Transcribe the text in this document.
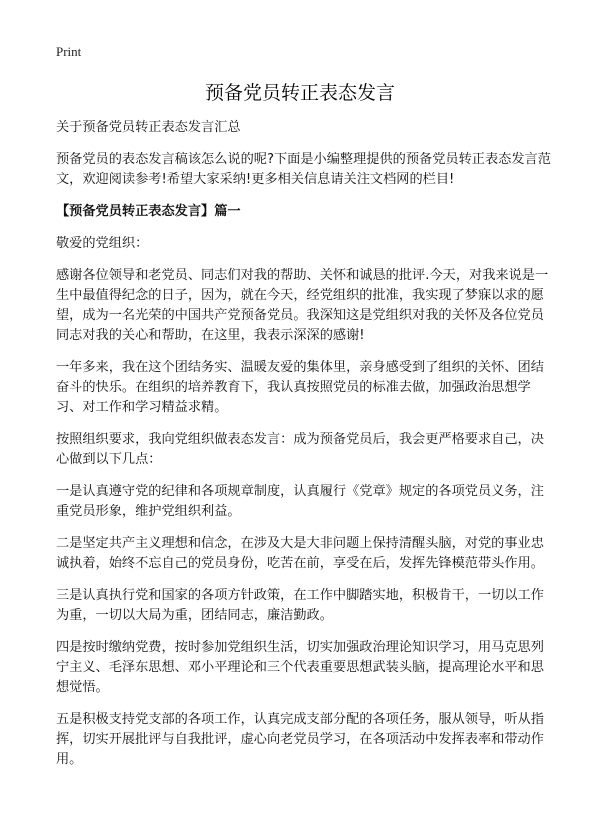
Print
预备党员转正表态发言

关于预备党员转正表态发言汇总

预备党员的表态发言稿该怎么说的呢?下面是小编整理提供的预备党员转正表态发言范文，欢迎阅读参考!希望大家采纳!更多相关信息请关注文档网的栏目!

【预备党员转正表态发言】篇一

敬爱的党组织：

感谢各位领导和老党员、同志们对我的帮助、关怀和诚恳的批评.今天，对我来说是一生中最值得纪念的日子，因为，就在今天，经党组织的批准，我实现了梦寐以求的愿望，成为一名光荣的中国共产党预备党员。我深知这是党组织对我的关怀及各位党员同志对我的关心和帮助，在这里，我表示深深的感谢!

一年多来，我在这个团结务实、温暖友爱的集体里，亲身感受到了组织的关怀、团结奋斗的快乐。在组织的培养教育下，我认真按照党员的标准去做，加强政治思想学习、对工作和学习精益求精。

按照组织要求，我向党组织做表态发言：成为预备党员后，我会更严格要求自己，决心做到以下几点：

一是认真遵守党的纪律和各项规章制度，认真履行《党章》规定的各项党员义务，注重党员形象，维护党组织利益。

二是坚定共产主义理想和信念，在涉及大是大非问题上保持清醒头脑，对党的事业忠诚执着，始终不忘自己的党员身份，吃苦在前，享受在后，发挥先锋模范带头作用。

三是认真执行党和国家的各项方针政策，在工作中脚踏实地，积极肯干，一切以工作为重，一切以大局为重，团结同志，廉洁勤政。

四是按时缴纳党费，按时参加党组织生活，切实加强政治理论知识学习，用马克思列宁主义、毛泽东思想、邓小平理论和三个代表重要思想武装头脑，提高理论水平和思想觉悟。

五是积极支持党支部的各项工作，认真完成支部分配的各项任务，服从领导，听从指挥，切实开展批评与自我批评，虚心向老党员学习，在各项活动中发挥表率和带动作用。
